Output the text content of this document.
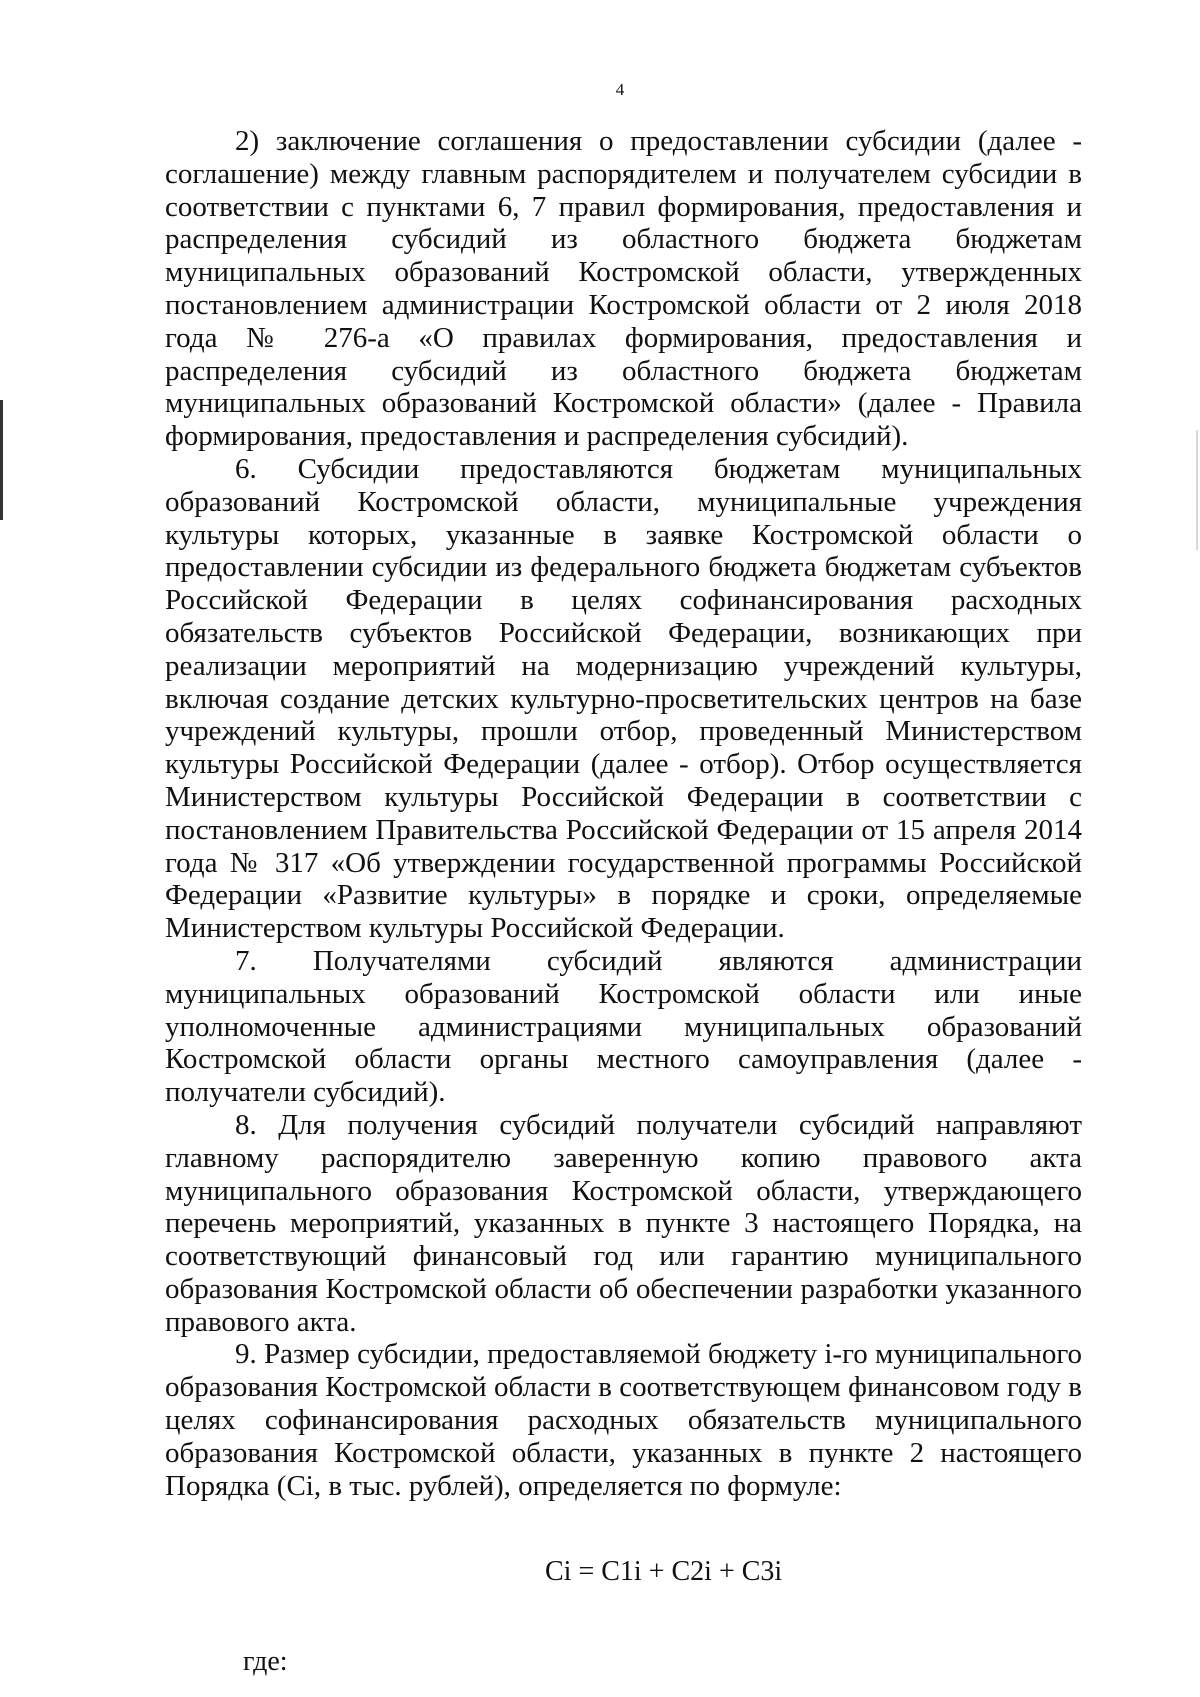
4

2) заключение соглашения о предоставлении субсидии (далее - соглашение) между главным распорядителем и получателем субсидии в соответствии с пунктами 6, 7 правил формирования, предоставления и распределения субсидий из областного бюджета бюджетам муниципальных образований Костромской области, утвержденных постановлением администрации Костромской области от 2 июля 2018 года № 276-а «О правилах формирования, предоставления и распределения субсидий из областного бюджета бюджетам муниципальных образований Костромской области» (далее - Правила формирования, предоставления и распределения субсидий).

6. Субсидии предоставляются бюджетам муниципальных образований Костромской области, муниципальные учреждения культуры которых, указанные в заявке Костромской области о предоставлении субсидии из федерального бюджета бюджетам субъектов Российской Федерации в целях софинансирования расходных обязательств субъектов Российской Федерации, возникающих при реализации мероприятий на модернизацию учреждений культуры, включая создание детских культурно-просветительских центров на базе учреждений культуры, прошли отбор, проведенный Министерством культуры Российской Федерации (далее - отбор). Отбор осуществляется Министерством культуры Российской Федерации в соответствии с постановлением Правительства Российской Федерации от 15 апреля 2014 года № 317 «Об утверждении государственной программы Российской Федерации «Развитие культуры» в порядке и сроки, определяемые Министерством культуры Российской Федерации.

7. Получателями субсидий являются администрации муниципальных образований Костромской области или иные уполномоченные администрациями муниципальных образований Костромской области органы местного самоуправления (далее - получатели субсидий).

8. Для получения субсидий получатели субсидий направляют главному распорядителю заверенную копию правового акта муниципального образования Костромской области, утверждающего перечень мероприятий, указанных в пункте 3 настоящего Порядка, на соответствующий финансовый год или гарантию муниципального образования Костромской области об обеспечении разработки указанного правового акта.

9. Размер субсидии, предоставляемой бюджету i-го муниципального образования Костромской области в соответствующем финансовом году в целях софинансирования расходных обязательств муниципального образования Костромской области, указанных в пункте 2 настоящего Порядка (Ci, в тыс. рублей), определяется по формуле:

Ci = C1i + C2i + C3i
где:
